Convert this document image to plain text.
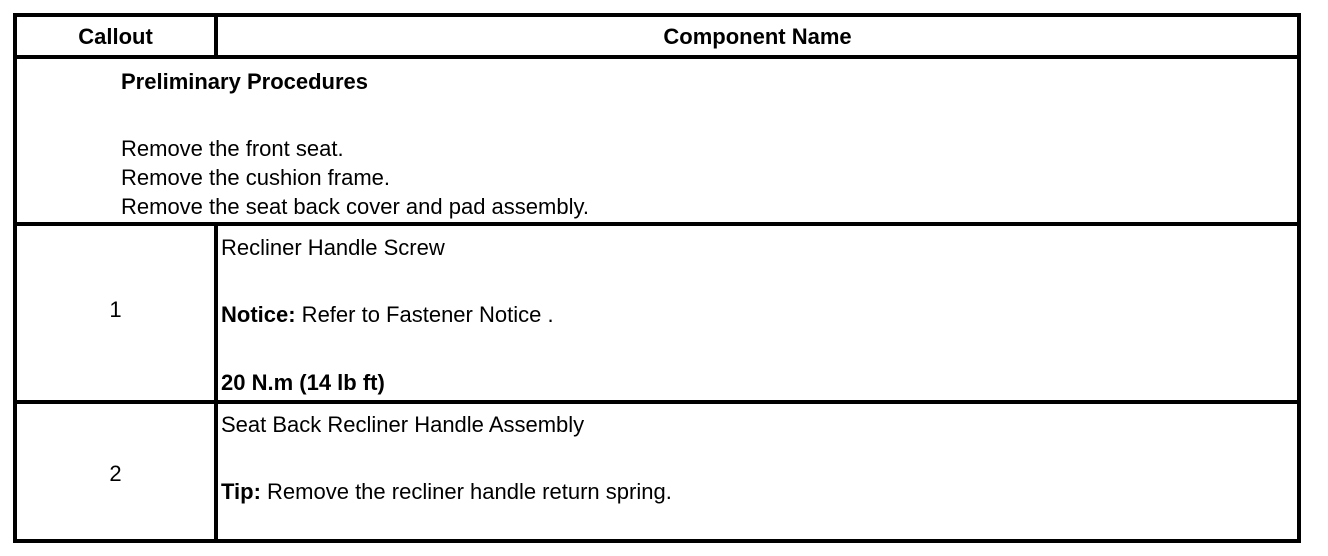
Callout	Component Name
Preliminary Procedures
Remove the front seat.
Remove the cushion frame.
Remove the seat back cover and pad assembly.
1
Recliner Handle Screw
Notice: Refer to Fastener Notice .
20 N.m (14 lb ft)
2
Seat Back Recliner Handle Assembly
Tip: Remove the recliner handle return spring.
